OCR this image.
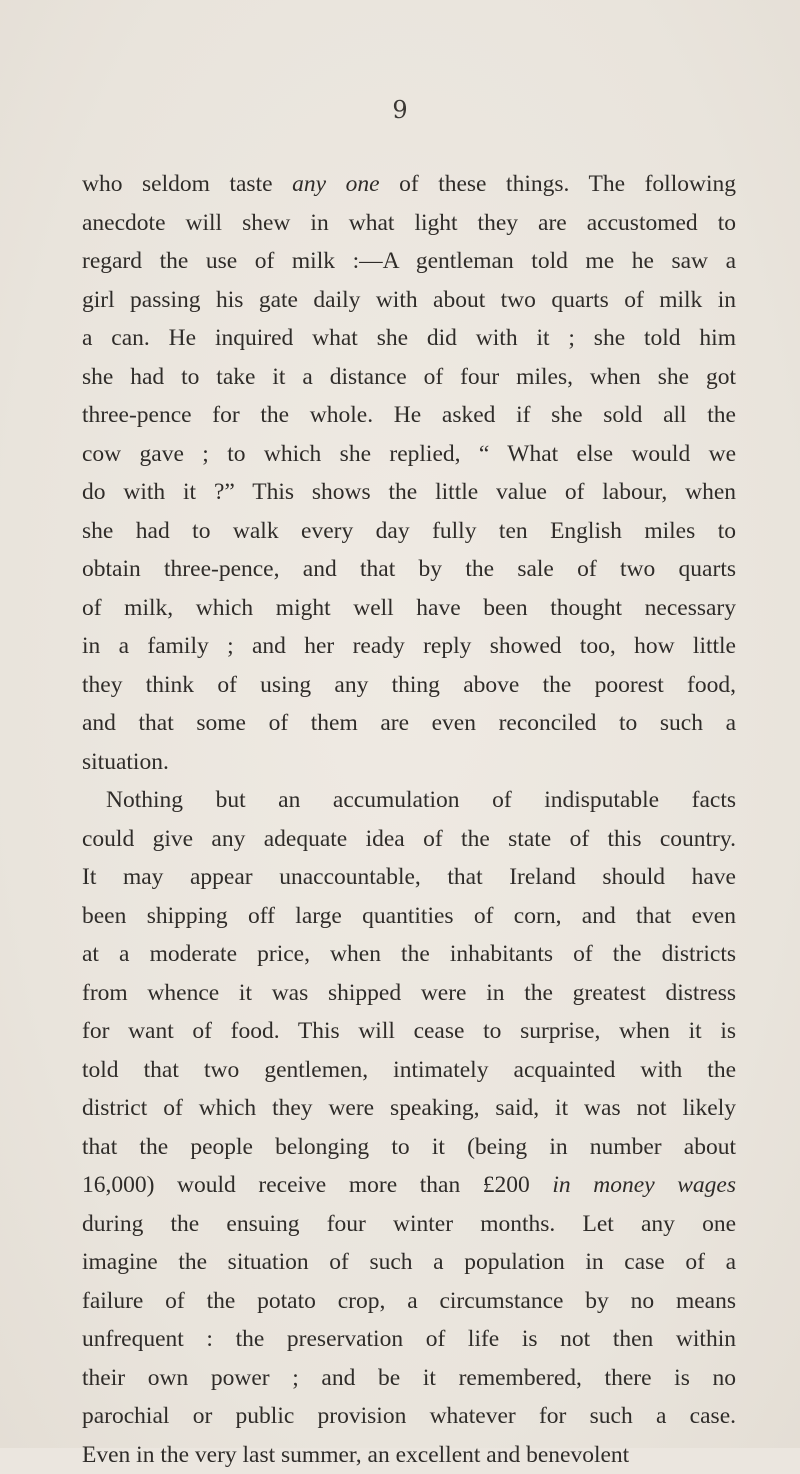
9
who seldom taste any one of these things. The following
anecdote will shew in what light they are accustomed to
regard the use of milk :—A gentleman told me he saw a
girl passing his gate daily with about two quarts of milk in
a can. He inquired what she did with it ; she told him
she had to take it a distance of four miles, when she got
three-pence for the whole. He asked if she sold all the
cow gave ; to which she replied, “ What else would we
do with it ?” This shows the little value of labour, when
she had to walk every day fully ten English miles to
obtain three-pence, and that by the sale of two quarts
of milk, which might well have been thought necessary
in a family ; and her ready reply showed too, how little
they think of using any thing above the poorest food,
and that some of them are even reconciled to such a
situation.
Nothing but an accumulation of indisputable facts
could give any adequate idea of the state of this country.
It may appear unaccountable, that Ireland should have
been shipping off large quantities of corn, and that even
at a moderate price, when the inhabitants of the districts
from whence it was shipped were in the greatest distress
for want of food. This will cease to surprise, when it is
told that two gentlemen, intimately acquainted with the
district of which they were speaking, said, it was not likely
that the people belonging to it (being in number about
16,000) would receive more than £200 in money wages
during the ensuing four winter months. Let any one
imagine the situation of such a population in case of a
failure of the potato crop, a circumstance by no means
unfrequent : the preservation of life is not then within
their own power ; and be it remembered, there is no
parochial or public provision whatever for such a case.
Even in the very last summer, an excellent and benevolent
